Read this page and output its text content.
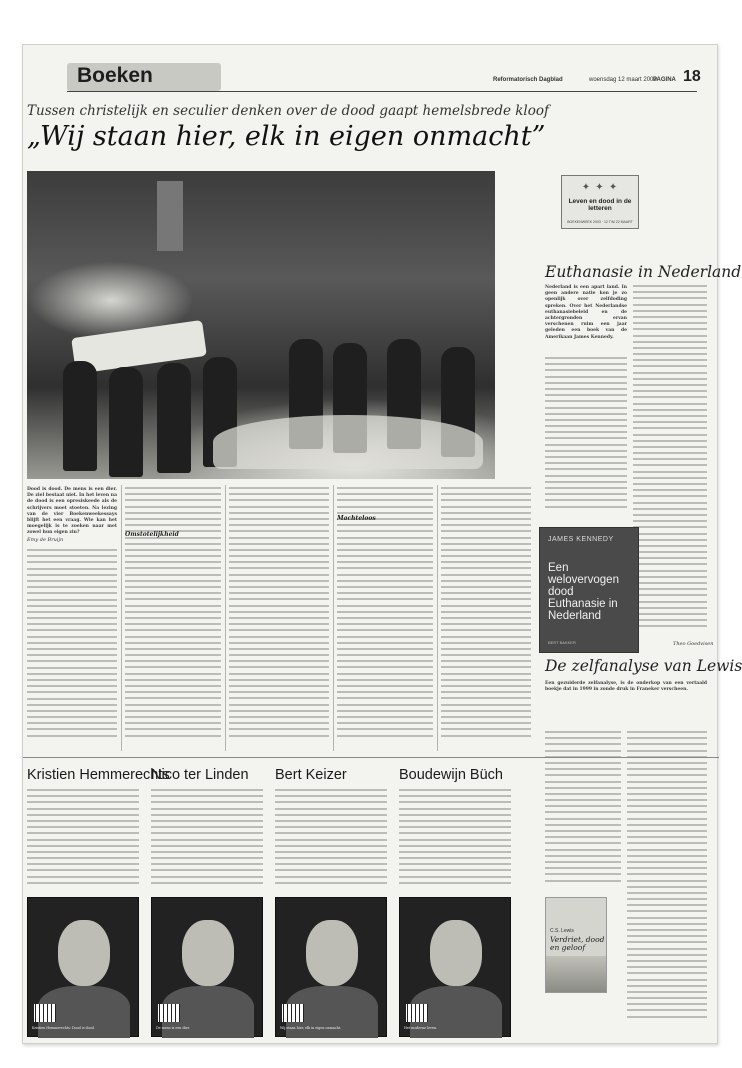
Boeken	Reformatorisch Dagblad	woensdag 12 maart 2003
PAGINA 18
Tussen christelijk en seculier denken over de dood gaapt hemelsbrede kloof
„Wij staan hier, elk in eigen onmacht”
✦ ✦ ✦
Leven en dood in de letteren
BOEKENWEEK 2003 · 12 T/M 22 MAART
Euthanasie in Nederland
Nederland is een apart land. In geen andere natie kon je zo openlijk over zelfdoding spreken. Over het Nederlandse euthanasiebeleid en de achtergronden ervan verschenen ruim een jaar geleden een boek van de Amerikaan James Kennedy.
Theo Goedvisen
JAMES KENNEDY
Een welovervogen dood Euthanasie in Nederland
BERT BAKKER
Dood is dood. De mens is een dier. De ziel bestaat niet. In het leven na de dood is een opresiskeede als de schrijvers moet stoeten. Na lezing van de vier Boekenweekessays blijft het een vraag. Wie kan het moegelijk is te zoeken naar met zowel hun eigen zin?
Emy de Bruijn
Omstotelijkheid
Machteloos
De zelfanalyse van Lewis
Een gezuiderde zelfanalyse, is de onderkop van een vertaald boekje dat in 1999 in zonde druk in Franeker verscheen.
C.S. Lewis
Verdriet, dood en geloof
Kristien Hemmerechts
Nico ter Linden Bert Keizer	Boudewijn Büch
Kristien Hemmerechts: Dood is dood.	De mens is een dier.	Wij staan hier, elk in eigen onmacht.	Het moderne leven.
